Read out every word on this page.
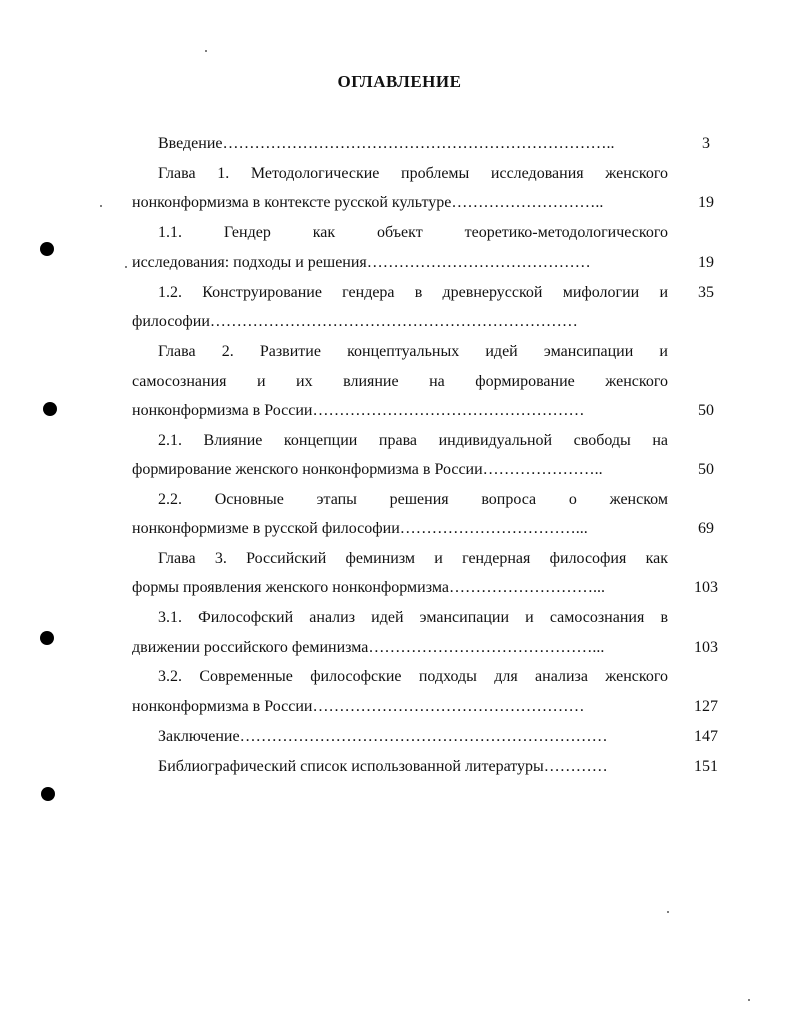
ОГЛАВЛЕНИЕ
Введение………………………………………………………………..	3
Глава 1. Методологические проблемы исследования женского
нонконформизма в контексте русской культуре………………………..	19
1.1. Гендер как объект теоретико-методологического
исследования: подходы и решения……………………………………	19
1.2. Конструирование гендера в древнерусской мифологии и	35
философии……………………………………………………………
Глава 2. Развитие концептуальных идей эмансипации и
самосознания и их влияние на формирование женского
нонконформизма в России……………………………………………	50
2.1. Влияние концепции права индивидуальной свободы на
формирование женского нонконформизма в России…………………..	50
2.2. Основные этапы решения вопроса о женском
нонконформизме в русской философии……………………………...	69
Глава 3. Российский феминизм и гендерная философия как
формы проявления женского нонконформизма………………………...	103
3.1. Философский анализ идей эмансипации и самосознания в
движении российского феминизма……………………………………...	103
3.2. Современные философские подходы для анализа женского
нонконформизма в России……………………………………………	127
Заключение……………………………………………………………	147
Библиографический список использованной литературы…………	151
